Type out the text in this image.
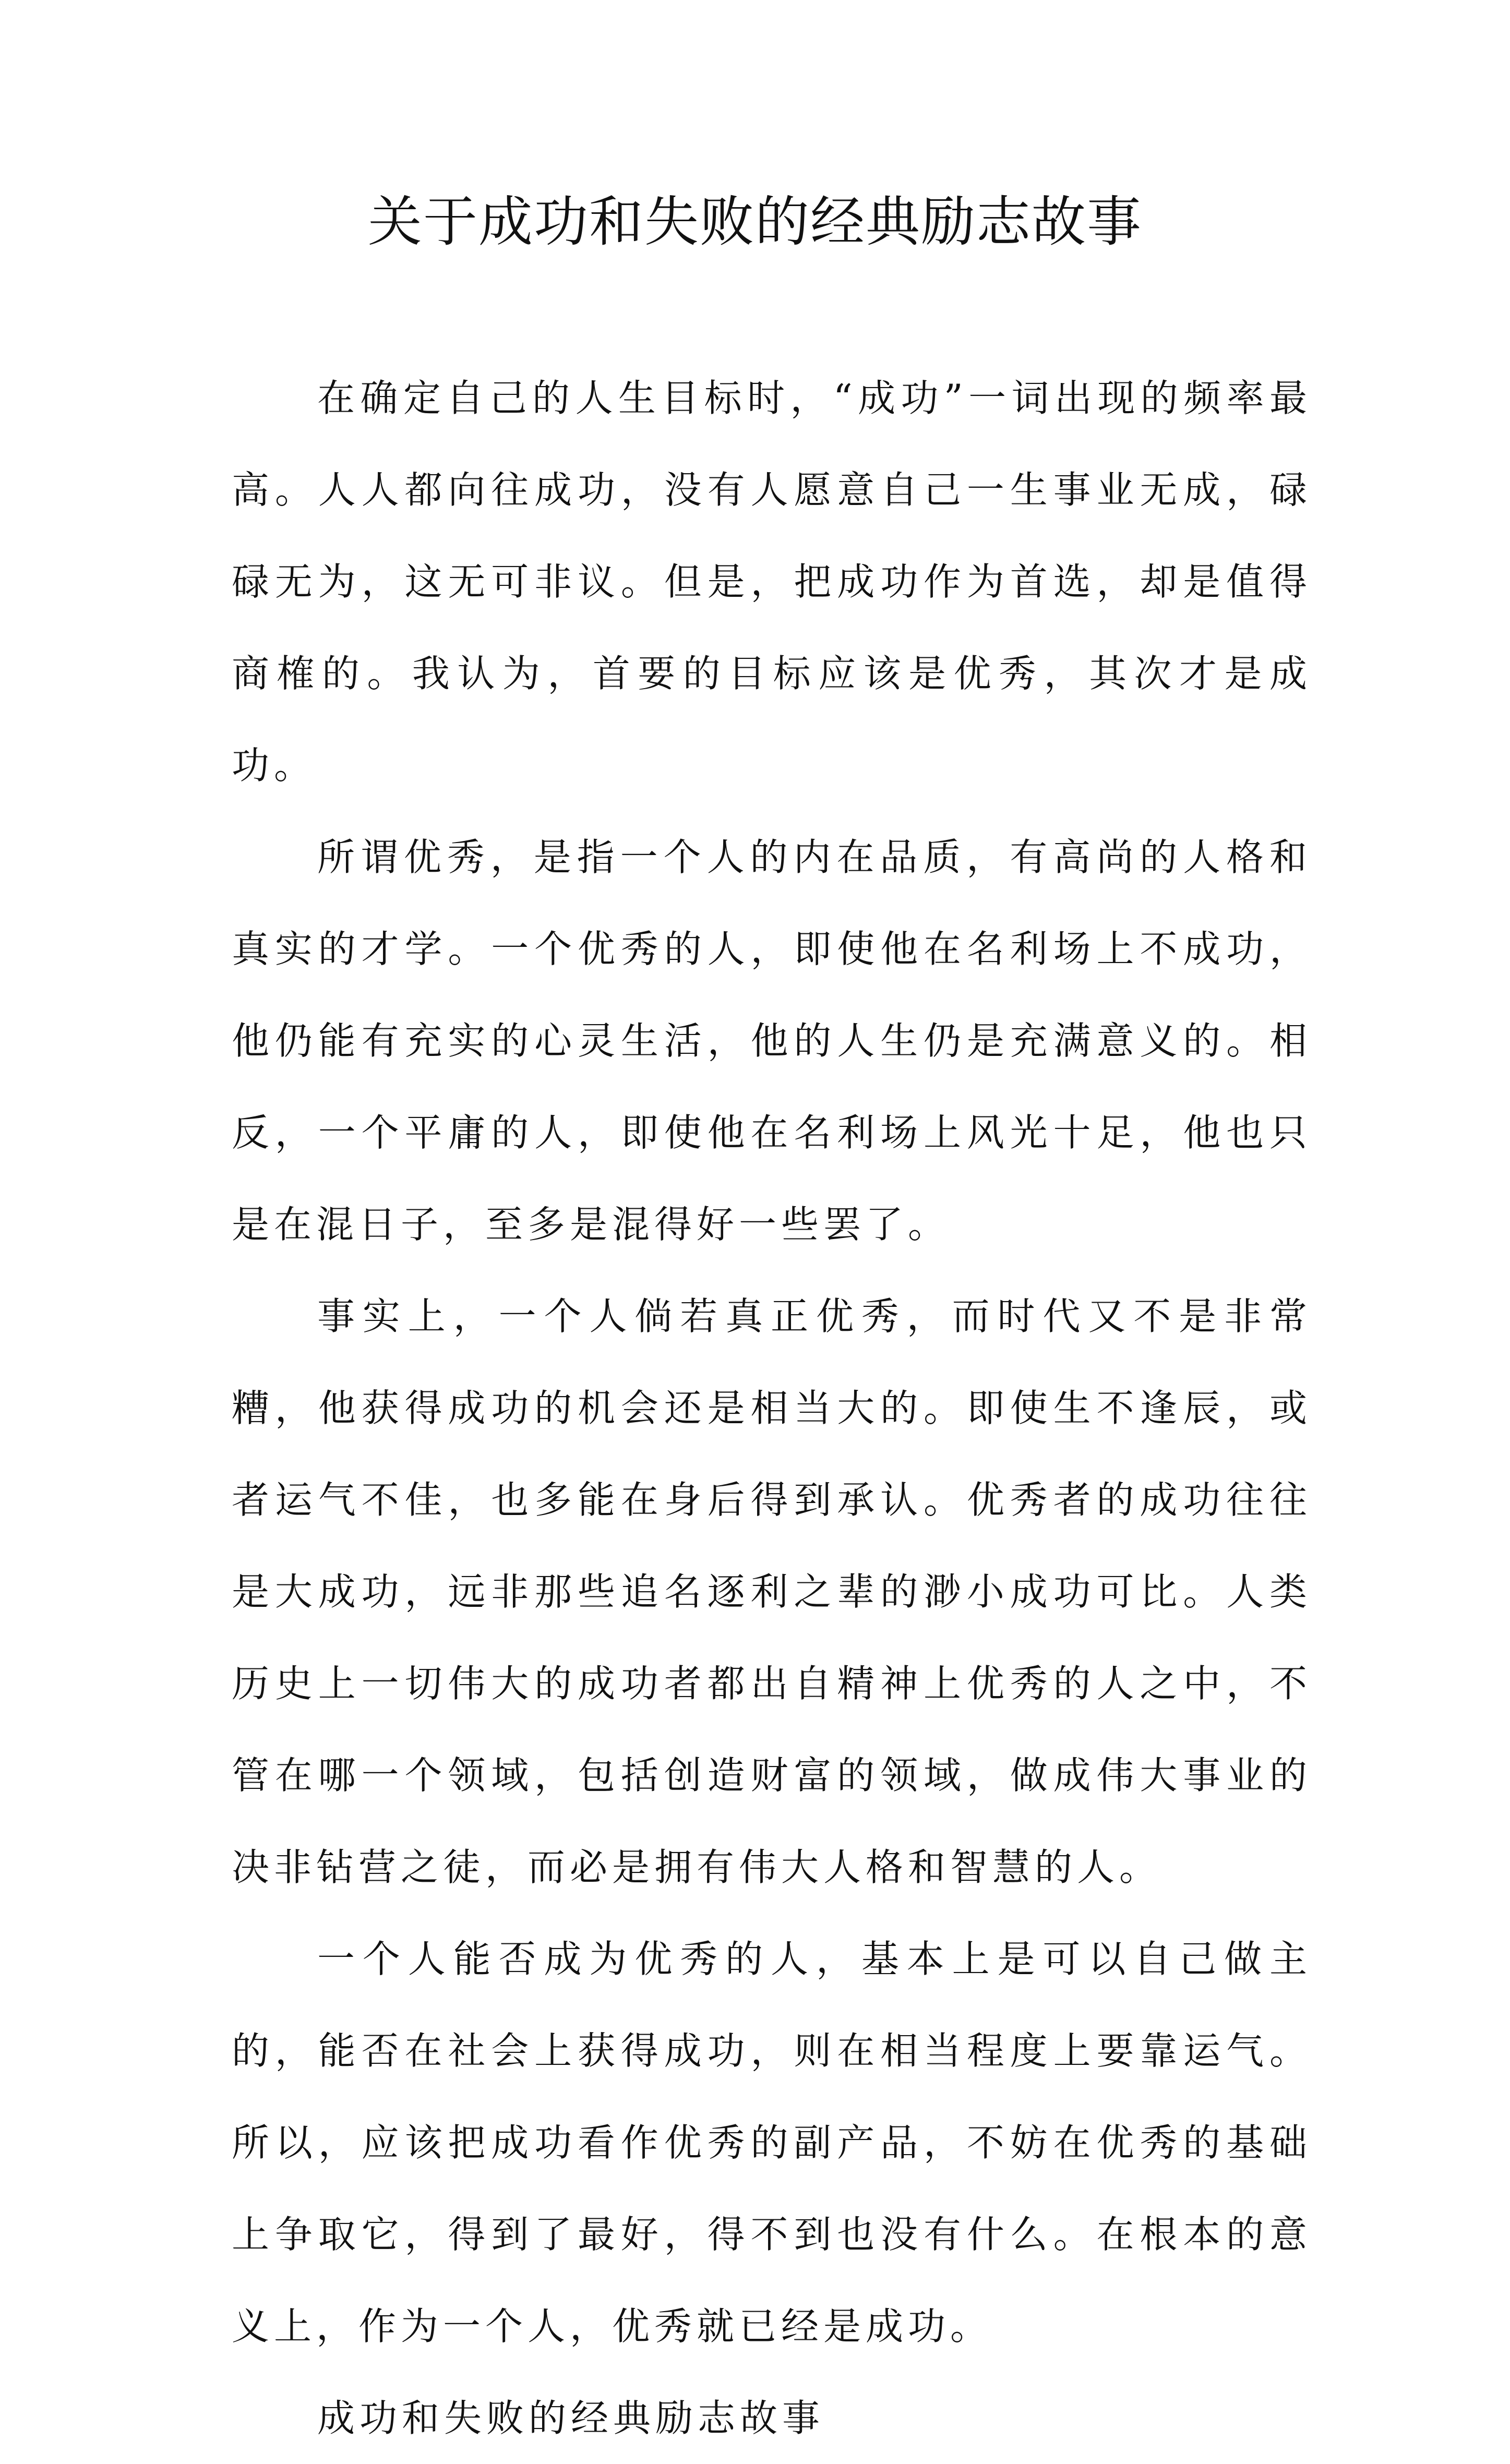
关于成功和失败的经典励志故事

在确定自己的人生目标时，“成功”一词出现的频率最高。人人都向往成功，没有人愿意自己一生事业无成，碌碌无为，这无可非议。但是，把成功作为首选，却是值得商榷的。我认为，首要的目标应该是优秀，其次才是成功。

所谓优秀，是指一个人的内在品质，有高尚的人格和真实的才学。一个优秀的人，即使他在名利场上不成功，他仍能有充实的心灵生活，他的人生仍是充满意义的。相反，一个平庸的人，即使他在名利场上风光十足，他也只是在混日子，至多是混得好一些罢了。

事实上，一个人倘若真正优秀，而时代又不是非常糟，他获得成功的机会还是相当大的。即使生不逢辰，或者运气不佳，也多能在身后得到承认。优秀者的成功往往是大成功，远非那些追名逐利之辈的渺小成功可比。人类历史上一切伟大的成功者都出自精神上优秀的人之中，不管在哪一个领域，包括创造财富的领域，做成伟大事业的决非钻营之徒，而必是拥有伟大人格和智慧的人。

一个人能否成为优秀的人，基本上是可以自己做主的，能否在社会上获得成功，则在相当程度上要靠运气。所以，应该把成功看作优秀的副产品，不妨在优秀的基础上争取它，得到了最好，得不到也没有什么。在根本的意义上，作为一个人，优秀就已经是成功。

成功和失败的经典励志故事
